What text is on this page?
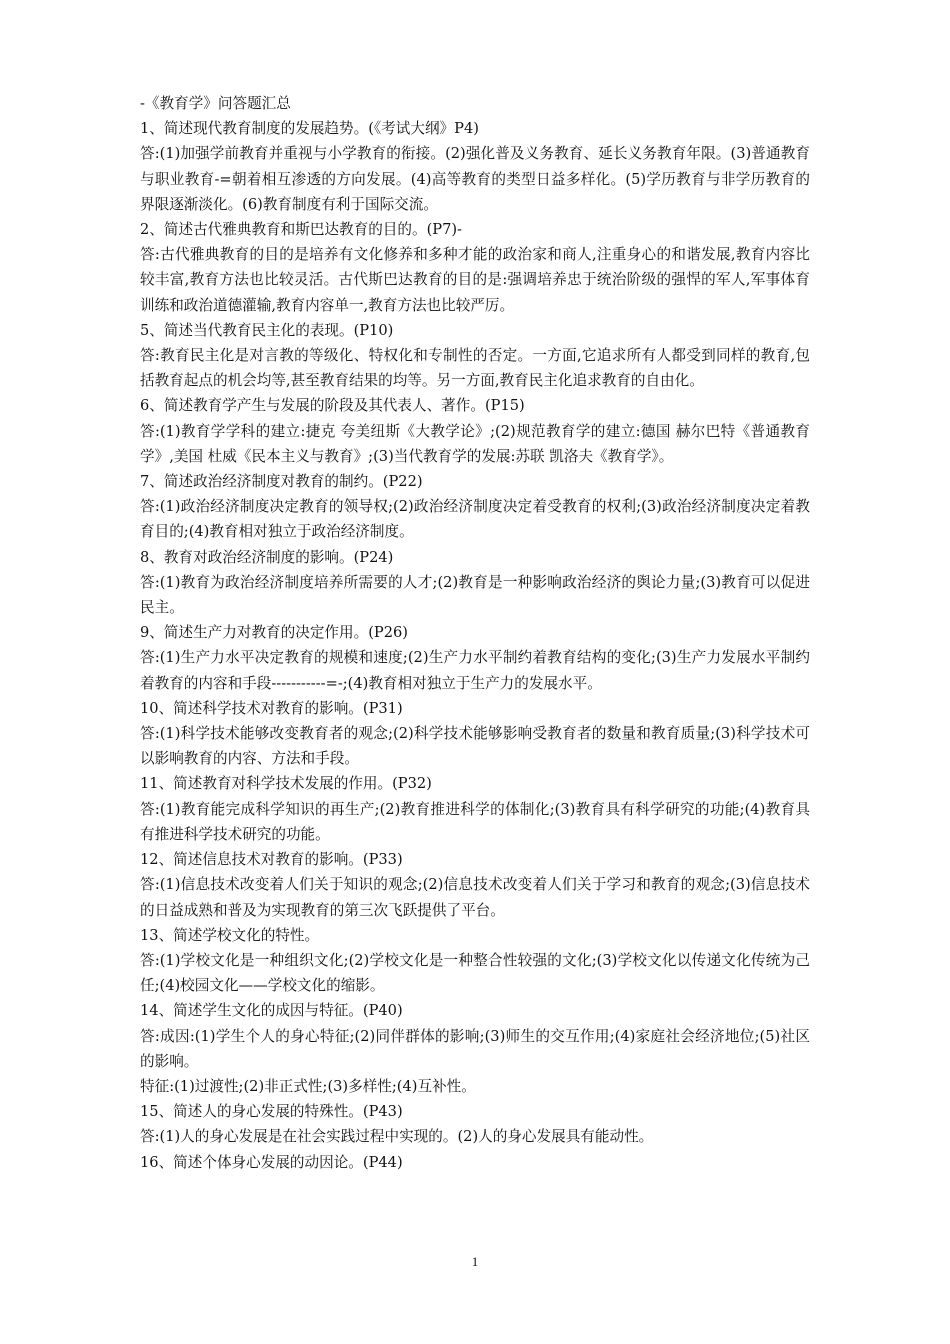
-《教育学》问答题汇总

1、简述现代教育制度的发展趋势。(《考试大纲》P4)

答:(1)加强学前教育并重视与小学教育的衔接。(2)强化普及义务教育、延长义务教育年限。(3)普通教育与职业教育-=朝着相互渗透的方向发展。(4)高等教育的类型日益多样化。(5)学历教育与非学历教育的界限逐渐淡化。(6)教育制度有利于国际交流。

2、简述古代雅典教育和斯巴达教育的目的。(P7)-

答:古代雅典教育的目的是培养有文化修养和多种才能的政治家和商人,注重身心的和谐发展,教育内容比较丰富,教育方法也比较灵活。古代斯巴达教育的目的是:强调培养忠于统治阶级的强悍的军人,军事体育训练和政治道德灌输,教育内容单一,教育方法也比较严厉。

5、简述当代教育民主化的表现。(P10)

答:教育民主化是对言教的等级化、特权化和专制性的否定。一方面,它追求所有人都受到同样的教育,包括教育起点的机会均等,甚至教育结果的均等。另一方面,教育民主化追求教育的自由化。

6、简述教育学产生与发展的阶段及其代表人、著作。(P15)

答:(1)教育学学科的建立:捷克 夸美纽斯《大教学论》;(2)规范教育学的建立:德国 赫尔巴特《普通教育学》,美国 杜威《民本主义与教育》;(3)当代教育学的发展:苏联 凯洛夫《教育学》。

7、简述政治经济制度对教育的制约。(P22)

答:(1)政治经济制度决定教育的领导权;(2)政治经济制度决定着受教育的权利;(3)政治经济制度决定着教育目的;(4)教育相对独立于政治经济制度。

8、教育对政治经济制度的影响。(P24)

答:(1)教育为政治经济制度培养所需要的人才;(2)教育是一种影响政治经济的舆论力量;(3)教育可以促进民主。

9、简述生产力对教育的决定作用。(P26)

答:(1)生产力水平决定教育的规模和速度;(2)生产力水平制约着教育结构的变化;(3)生产力发展水平制约着教育的内容和手段-----------=-;(4)教育相对独立于生产力的发展水平。

10、简述科学技术对教育的影响。(P31)

答:(1)科学技术能够改变教育者的观念;(2)科学技术能够影响受教育者的数量和教育质量;(3)科学技术可以影响教育的内容、方法和手段。

11、简述教育对科学技术发展的作用。(P32)

答:(1)教育能完成科学知识的再生产;(2)教育推进科学的体制化;(3)教育具有科学研究的功能;(4)教育具有推进科学技术研究的功能。

12、简述信息技术对教育的影响。(P33)

答:(1)信息技术改变着人们关于知识的观念;(2)信息技术改变着人们关于学习和教育的观念;(3)信息技术的日益成熟和普及为实现教育的第三次飞跃提供了平台。

13、简述学校文化的特性。

答:(1)学校文化是一种组织文化;(2)学校文化是一种整合性较强的文化;(3)学校文化以传递文化传统为己任;(4)校园文化——学校文化的缩影。

14、简述学生文化的成因与特征。(P40)

答:成因:(1)学生个人的身心特征;(2)同伴群体的影响;(3)师生的交互作用;(4)家庭社会经济地位;(5)社区的影响。

特征:(1)过渡性;(2)非正式性;(3)多样性;(4)互补性。

15、简述人的身心发展的特殊性。(P43)

答:(1)人的身心发展是在社会实践过程中实现的。(2)人的身心发展具有能动性。

16、简述个体身心发展的动因论。(P44)

1
